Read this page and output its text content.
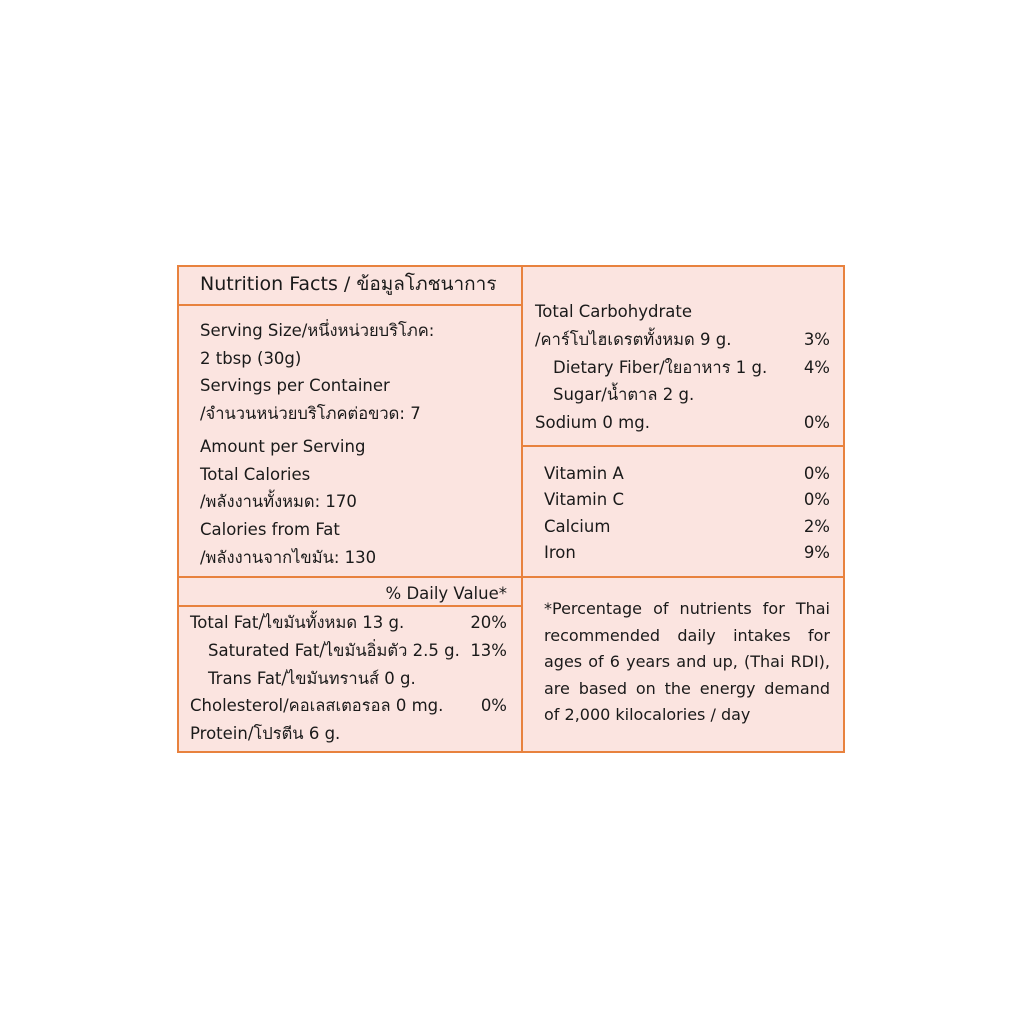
Nutrition Facts / ข้อมูลโภชนาการ
Serving Size/หนึ่งหน่วยบริโภค:
2 tbsp (30g)
Servings per Container
/จำนวนหน่วยบริโภคต่อขวด: 7
Amount per Serving
Total Calories
/พลังงานทั้งหมด: 170
Calories from Fat
/พลังงานจากไขมัน: 130
% Daily Value*
Total Fat/ไขมันทั้งหมด 13 g.	20%
Saturated Fat/ไขมันอิ่มตัว 2.5 g. 13%
Trans Fat/ไขมันทรานส์ 0 g.
Cholesterol/คอเลสเตอรอล 0 mg.	0%
Protein/โปรตีน 6 g.
Total Carbohydrate
/คาร์โบไฮเดรตทั้งหมด 9 g.	3%
Dietary Fiber/ใยอาหาร 1 g.	4%
Sugar/น้ำตาล 2 g.
Sodium 0 mg.	0%
Vitamin A	0%
Vitamin C	0%
Calcium	2%
Iron	9%
*Percentage of nutrients for Thai recommended daily intakes for ages of 6 years and up, (Thai RDI), are based on the energy demand of 2,000 kilocalories / day
